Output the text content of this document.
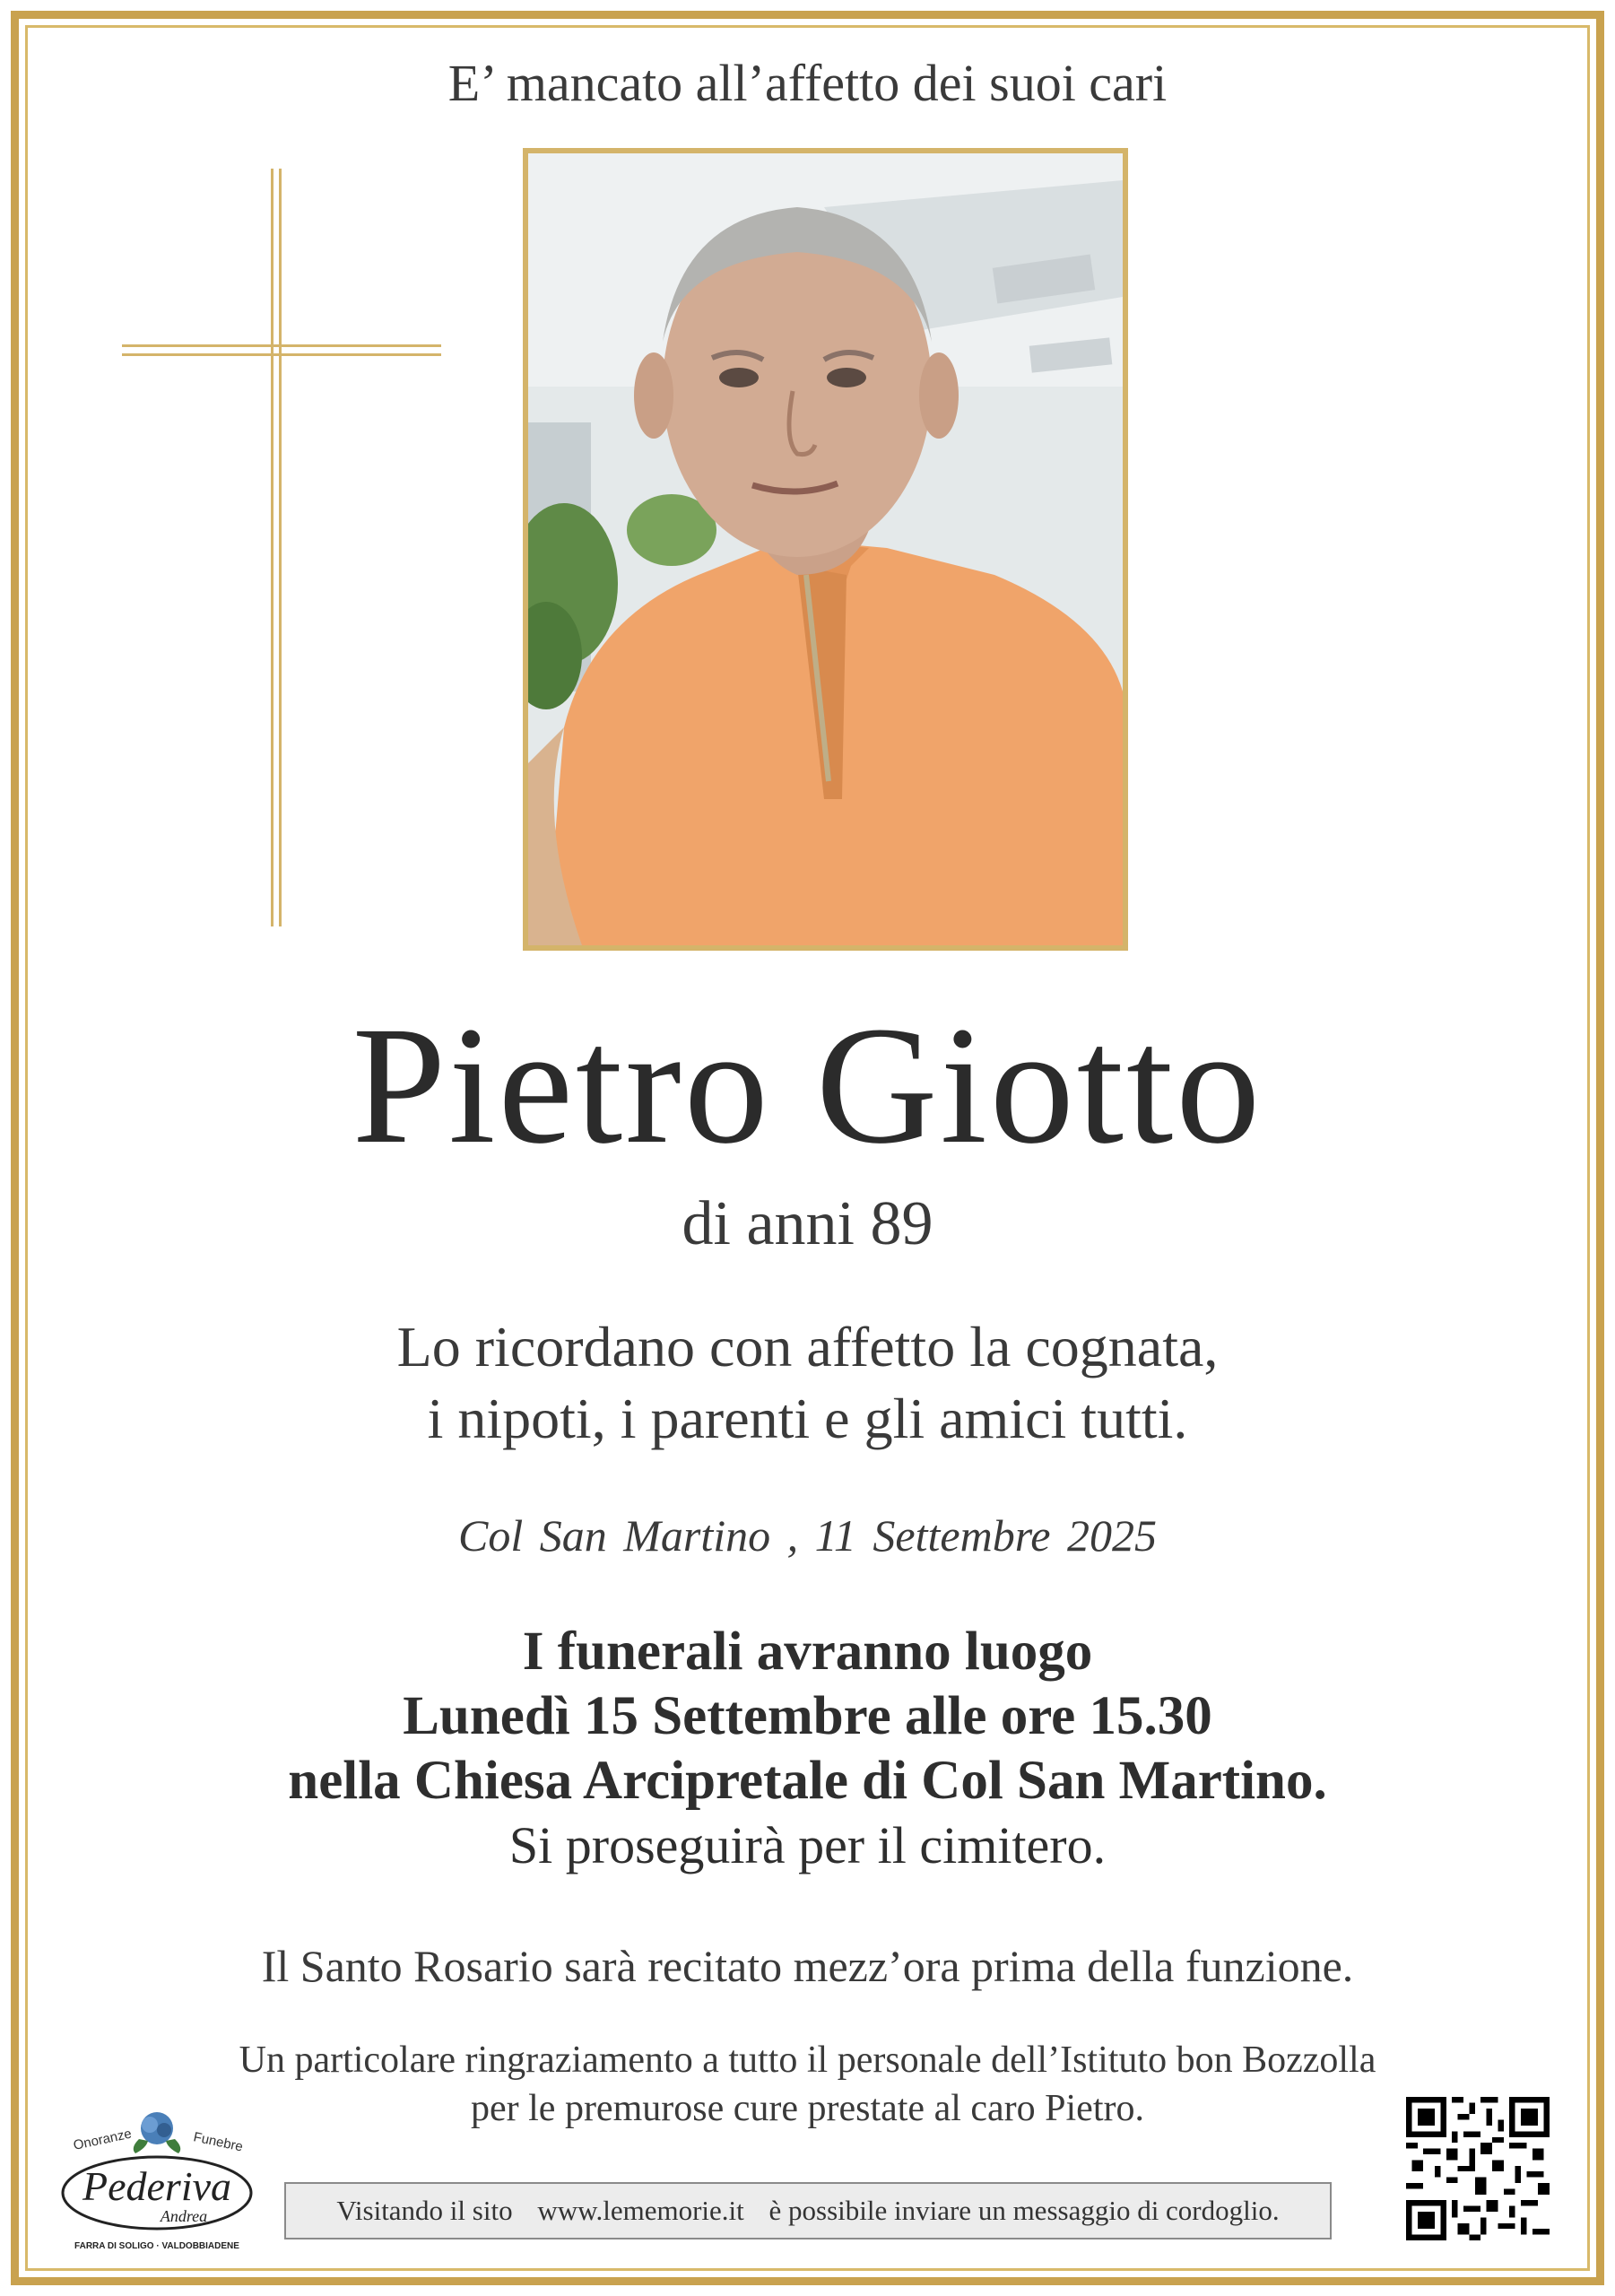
E’ mancato all’affetto dei suoi cari
Pietro Giotto
di anni 89
Lo ricordano con affetto la cognata,
i nipoti, i parenti e gli amici tutti.
Col San Martino , 11 Settembre 2025
I funerali avranno luogo
Lunedì 15 Settembre alle ore 15.30
nella Chiesa Arcipretale di Col San Martino.
Si proseguirà per il cimitero.
Il Santo Rosario sarà recitato mezz’ora prima della funzione.
Un particolare ringraziamento a tutto il personale dell’Istituto bon Bozzolla
per le premurose cure prestate al caro Pietro.
Onoranze	Funebre
Pederiva
Andrea
FARRA DI SOLIGO · VALDOBBIADENE
Visitando il sito www.lememorie.it è possibile inviare un messaggio di cordoglio.
